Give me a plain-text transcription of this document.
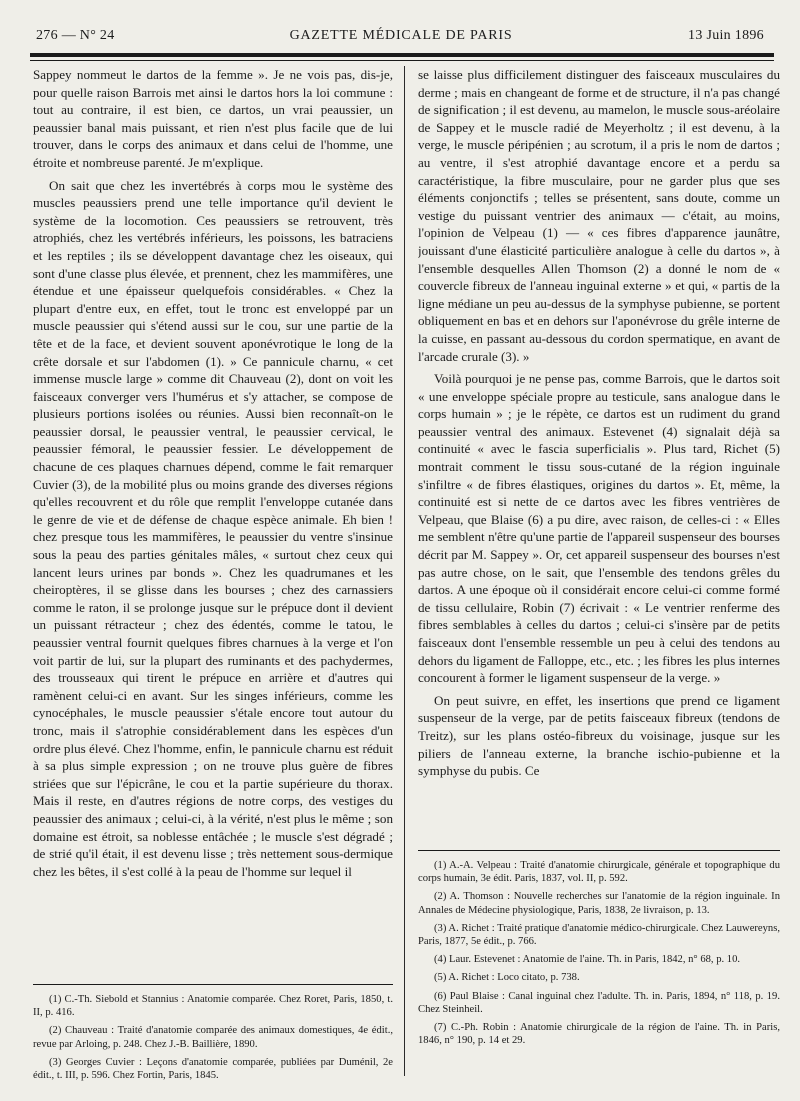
276 — N° 24	GAZETTE MÉDICALE DE PARIS	13 Juin 1896

Sappey nommeut le dartos de la femme ». Je ne vois pas, dis-je, pour quelle raison Barrois met ainsi le dartos hors la loi commune : tout au contraire, il est bien, ce dartos, un vrai peaussier, un peaussier banal mais puissant, et rien n'est plus facile que de lui trouver, dans le corps des animaux et dans celui de l'homme, une étroite et nombreuse parenté. Je m'explique.

On sait que chez les invertébrés à corps mou le système des muscles peaussiers prend une telle importance qu'il devient le système de la locomotion. Ces peaussiers se retrouvent, très atrophiés, chez les vertébrés inférieurs, les poissons, les batraciens et les reptiles ; ils se développent davantage chez les oiseaux, qui sont d'une classe plus élevée, et prennent, chez les mammifères, une étendue et une épaisseur quelquefois considérables. « Chez la plupart d'entre eux, en effet, tout le tronc est enveloppé par un muscle peaussier qui s'étend aussi sur le cou, sur une partie de la tête et de la face, et devient souvent aponévrotique le long de la crête dorsale et sur l'abdomen (1). » Ce pannicule charnu, « cet immense muscle large » comme dit Chauveau (2), dont on voit les faisceaux converger vers l'humérus et s'y attacher, se compose de plusieurs portions isolées ou réunies. Aussi bien reconnaît-on le peaussier dorsal, le peaussier ventral, le peaussier cervical, le peaussier fémoral, le peaussier fessier. Le développement de chacune de ces plaques charnues dépend, comme le fait remarquer Cuvier (3), de la mobilité plus ou moins grande des diverses régions qu'elles recouvrent et du rôle que remplit l'enveloppe cutanée dans le genre de vie et de défense de chaque espèce animale. Eh bien ! chez presque tous les mammifères, le peaussier du ventre s'insinue sous la peau des parties génitales mâles, « surtout chez ceux qui lancent leurs urines par bonds ». Chez les quadrumanes et les cheiroptères, il se glisse dans les bourses ; chez des carnassiers comme le raton, il se prolonge jusque sur le prépuce dont il devient un puissant rétracteur ; chez des édentés, comme le tatou, le peaussier ventral fournit quelques fibres charnues à la verge et l'on voit partir de lui, sur la plupart des ruminants et des pachydermes, des trousseaux qui tirent le prépuce en arrière et d'autres qui ramènent celui-ci en avant. Sur les singes inférieurs, comme les cynocéphales, le muscle peaussier s'étale encore tout autour du tronc, mais il s'atrophie considérablement dans les espèces d'un ordre plus élevé. Chez l'homme, enfin, le pannicule charnu est réduit à sa plus simple expression ; on ne trouve plus guère de fibres striées que sur l'épicrâne, le cou et la partie supérieure du thorax. Mais il reste, en d'autres régions de notre corps, des vestiges du peaussier des animaux ; celui-ci, à la vérité, n'est plus le même ; son domaine est étroit, sa noblesse entâchée ; le muscle s'est dégradé ; de strié qu'il était, il est devenu lisse ; très nettement sous-dermique chez les bêtes, il s'est collé à la peau de l'homme sur lequel il

(1) C.-Th. Siebold et Stannius : Anatomie comparée. Chez Roret, Paris, 1850, t. II, p. 416.

(2) Chauveau : Traité d'anatomie comparée des animaux domestiques, 4e édit., revue par Arloing, p. 248. Chez J.-B. Baillière, 1890.

(3) Georges Cuvier : Leçons d'anatomie comparée, publiées par Duménil, 2e édit., t. III, p. 596. Chez Fortin, Paris, 1845.

se laisse plus difficilement distinguer des faisceaux musculaires du derme ; mais en changeant de forme et de structure, il n'a pas changé de signification ; il est devenu, au mamelon, le muscle sous-aréolaire de Sappey et le muscle radié de Meyerholtz ; il est devenu, à la verge, le muscle péripénien ; au scrotum, il a pris le nom de dartos ; au ventre, il s'est atrophié davantage encore et a perdu sa caractéristique, la fibre musculaire, pour ne garder plus que ses éléments conjonctifs ; telles se présentent, sans doute, comme un vestige du puissant ventrier des animaux — c'était, au moins, l'opinion de Velpeau (1) — « ces fibres d'apparence jaunâtre, jouissant d'une élasticité particulière analogue à celle du dartos », à l'ensemble desquelles Allen Thomson (2) a donné le nom de « couvercle fibreux de l'anneau inguinal externe » et qui, « partis de la ligne médiane un peu au-dessus de la symphyse pubienne, se portent obliquement en bas et en dehors sur l'aponévrose du grêle interne de la cuisse, en passant au-dessous du cordon spermatique, en avant de l'arcade crurale (3). »

Voilà pourquoi je ne pense pas, comme Barrois, que le dartos soit « une enveloppe spéciale propre au testicule, sans analogue dans le corps humain » ; je le répète, ce dartos est un rudiment du grand peaussier ventral des animaux. Estevenet (4) signalait déjà sa continuité « avec le fascia superficialis ». Plus tard, Richet (5) montrait comment le tissu sous-cutané de la région inguinale s'infiltre « de fibres élastiques, origines du dartos ». Et, même, la continuité est si nette de ce dartos avec les fibres ventrières de Velpeau, que Blaise (6) a pu dire, avec raison, de celles-ci : « Elles me semblent n'être qu'une partie de l'appareil suspenseur des bourses décrit par M. Sappey ». Or, cet appareil suspenseur des bourses n'est pas autre chose, on le sait, que l'ensemble des tendons grêles du dartos. A une époque où il considérait encore celui-ci comme formé de tissu cellulaire, Robin (7) écrivait : « Le ventrier renferme des fibres semblables à celles du dartos ; celui-ci s'insère par de petits faisceaux dont l'ensemble ressemble un peu à celui des tendons au dehors du ligament de Falloppe, etc., etc. ; les fibres les plus internes concourent à former le ligament suspenseur de la verge. »

On peut suivre, en effet, les insertions que prend ce ligament suspenseur de la verge, par de petits faisceaux fibreux (tendons de Treitz), sur les plans ostéo-fibreux du voisinage, jusque sur les piliers de l'anneau externe, la branche ischio-pubienne et la symphyse du pubis. Ce

(1) A.-A. Velpeau : Traité d'anatomie chirurgicale, générale et topographique du corps humain, 3e édit. Paris, 1837, vol. II, p. 592.

(2) A. Thomson : Nouvelle recherches sur l'anatomie de la région inguinale. In Annales de Médecine physiologique, Paris, 1838, 2e livraison, p. 13.

(3) A. Richet : Traité pratique d'anatomie médico-chirurgicale. Chez Lauwereyns, Paris, 1877, 5e édit., p. 766.

(4) Laur. Estevenet : Anatomie de l'aine. Th. in Paris, 1842, n° 68, p. 10.

(5) A. Richet : Loco citato, p. 738.

(6) Paul Blaise : Canal inguinal chez l'adulte. Th. in. Paris, 1894, n° 118, p. 19. Chez Steinheil.

(7) C.-Ph. Robin : Anatomie chirurgicale de la région de l'aine. Th. in Paris, 1846, n° 190, p. 14 et 29.
